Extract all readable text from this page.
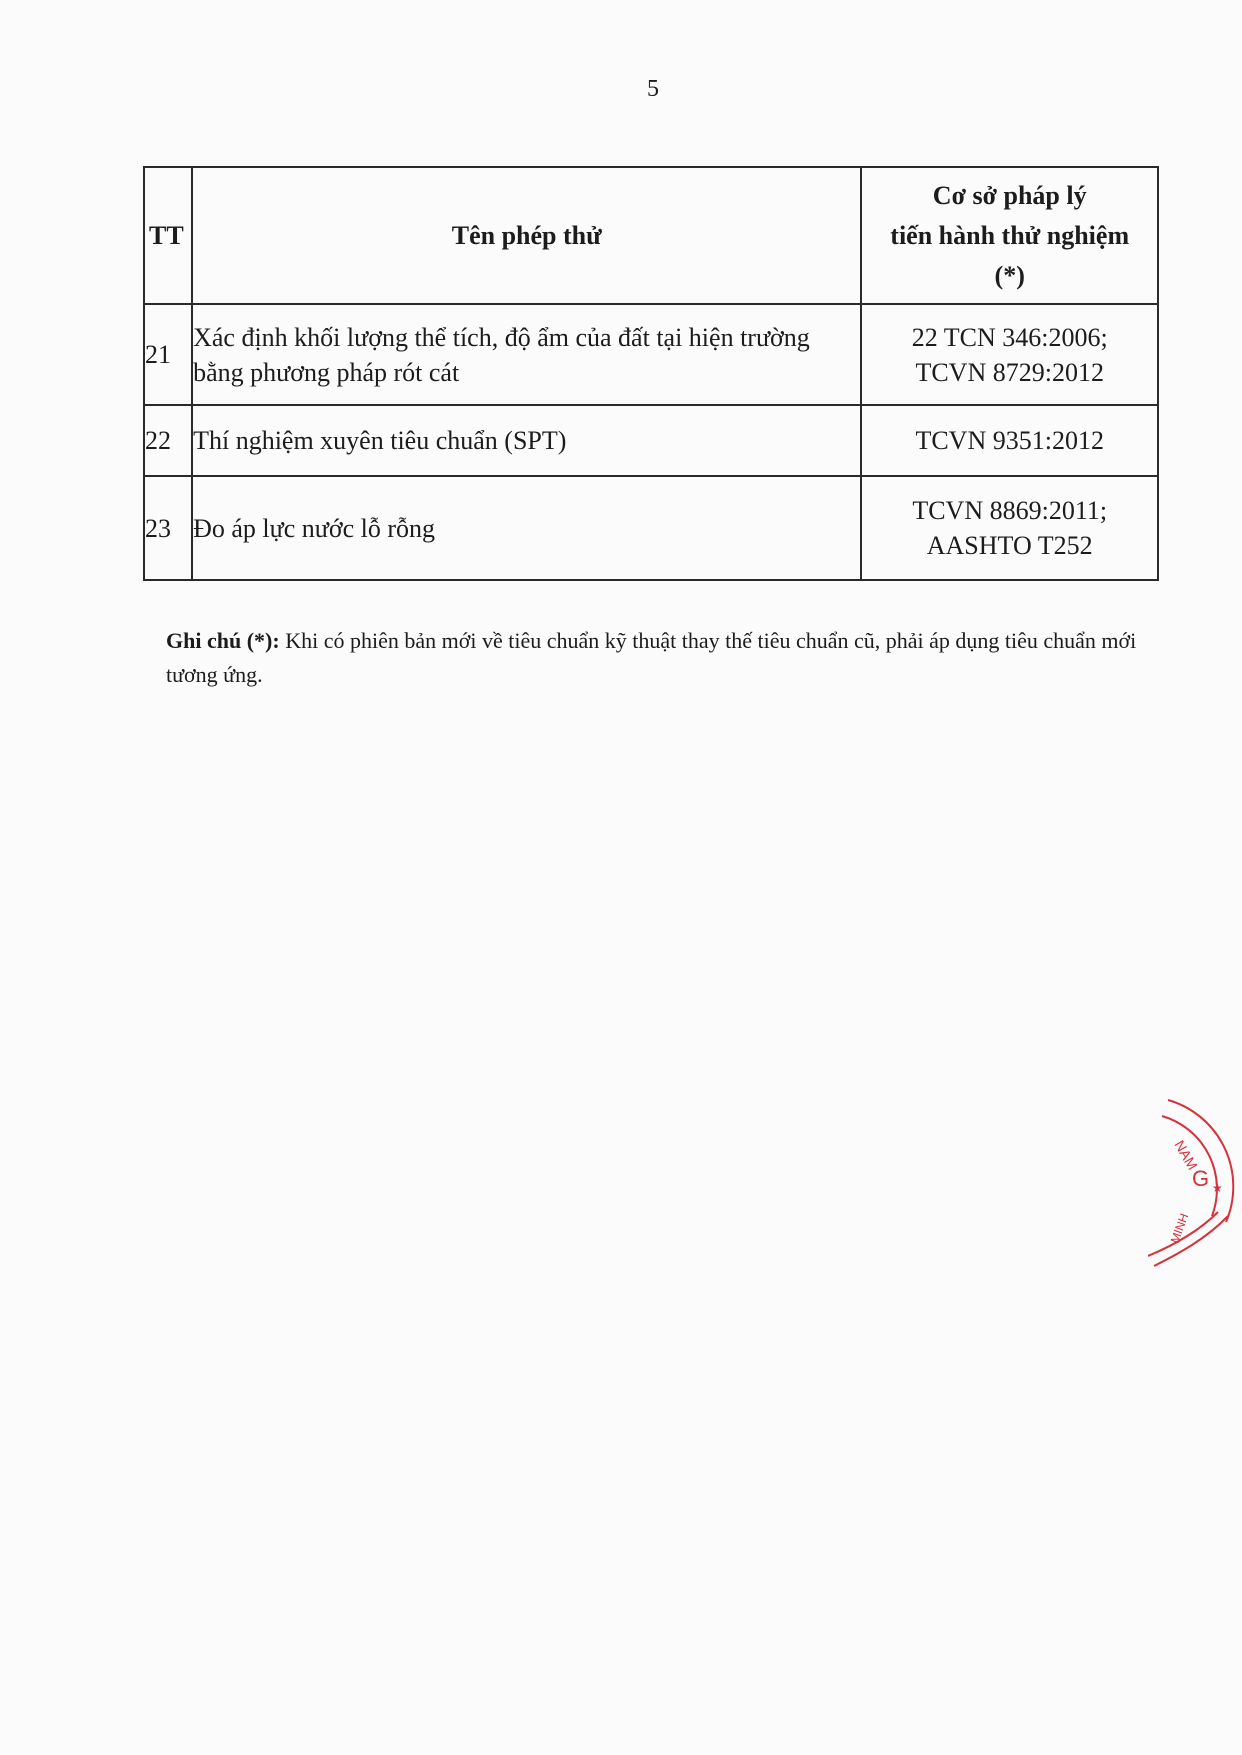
5
TT	Tên phép thử	Cơ sở pháp lý
tiến hành thử nghiệm
(*)

21	Xác định khối lượng thể tích, độ ẩm của đất tại hiện trường bằng phương pháp rót cát	22 TCN 346:2006;
TCVN 8729:2012

22	Thí nghiệm xuyên tiêu chuẩn (SPT)	TCVN 9351:2012

23	Đo áp lực nước lỗ rỗng	TCVN 8869:2011;
AASHTO T252
Ghi chú (*): Khi có phiên bản mới về tiêu chuẩn kỹ thuật thay thế tiêu chuẩn cũ, phải áp dụng tiêu chuẩn mới tương ứng.
NAM
G ★
MINH
